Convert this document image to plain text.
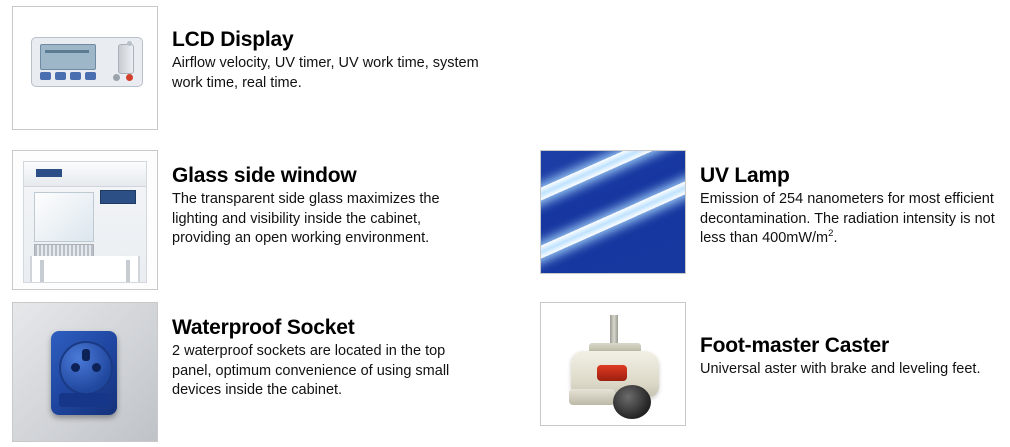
LCD Display

Airflow velocity, UV timer, UV work time, system work time, real time.

Glass side window

The transparent side glass maximizes the lighting and visibility inside the cabinet, providing an open working environment.

Waterproof Socket

2 waterproof sockets are located in the top panel, optimum convenience of using small devices inside the cabinet.

UV Lamp

Emission of 254 nanometers for most efficient decontamination. The radiation intensity is not less than $400mW/m^2$.

Foot-master Caster

Universal aster with brake and leveling feet.
